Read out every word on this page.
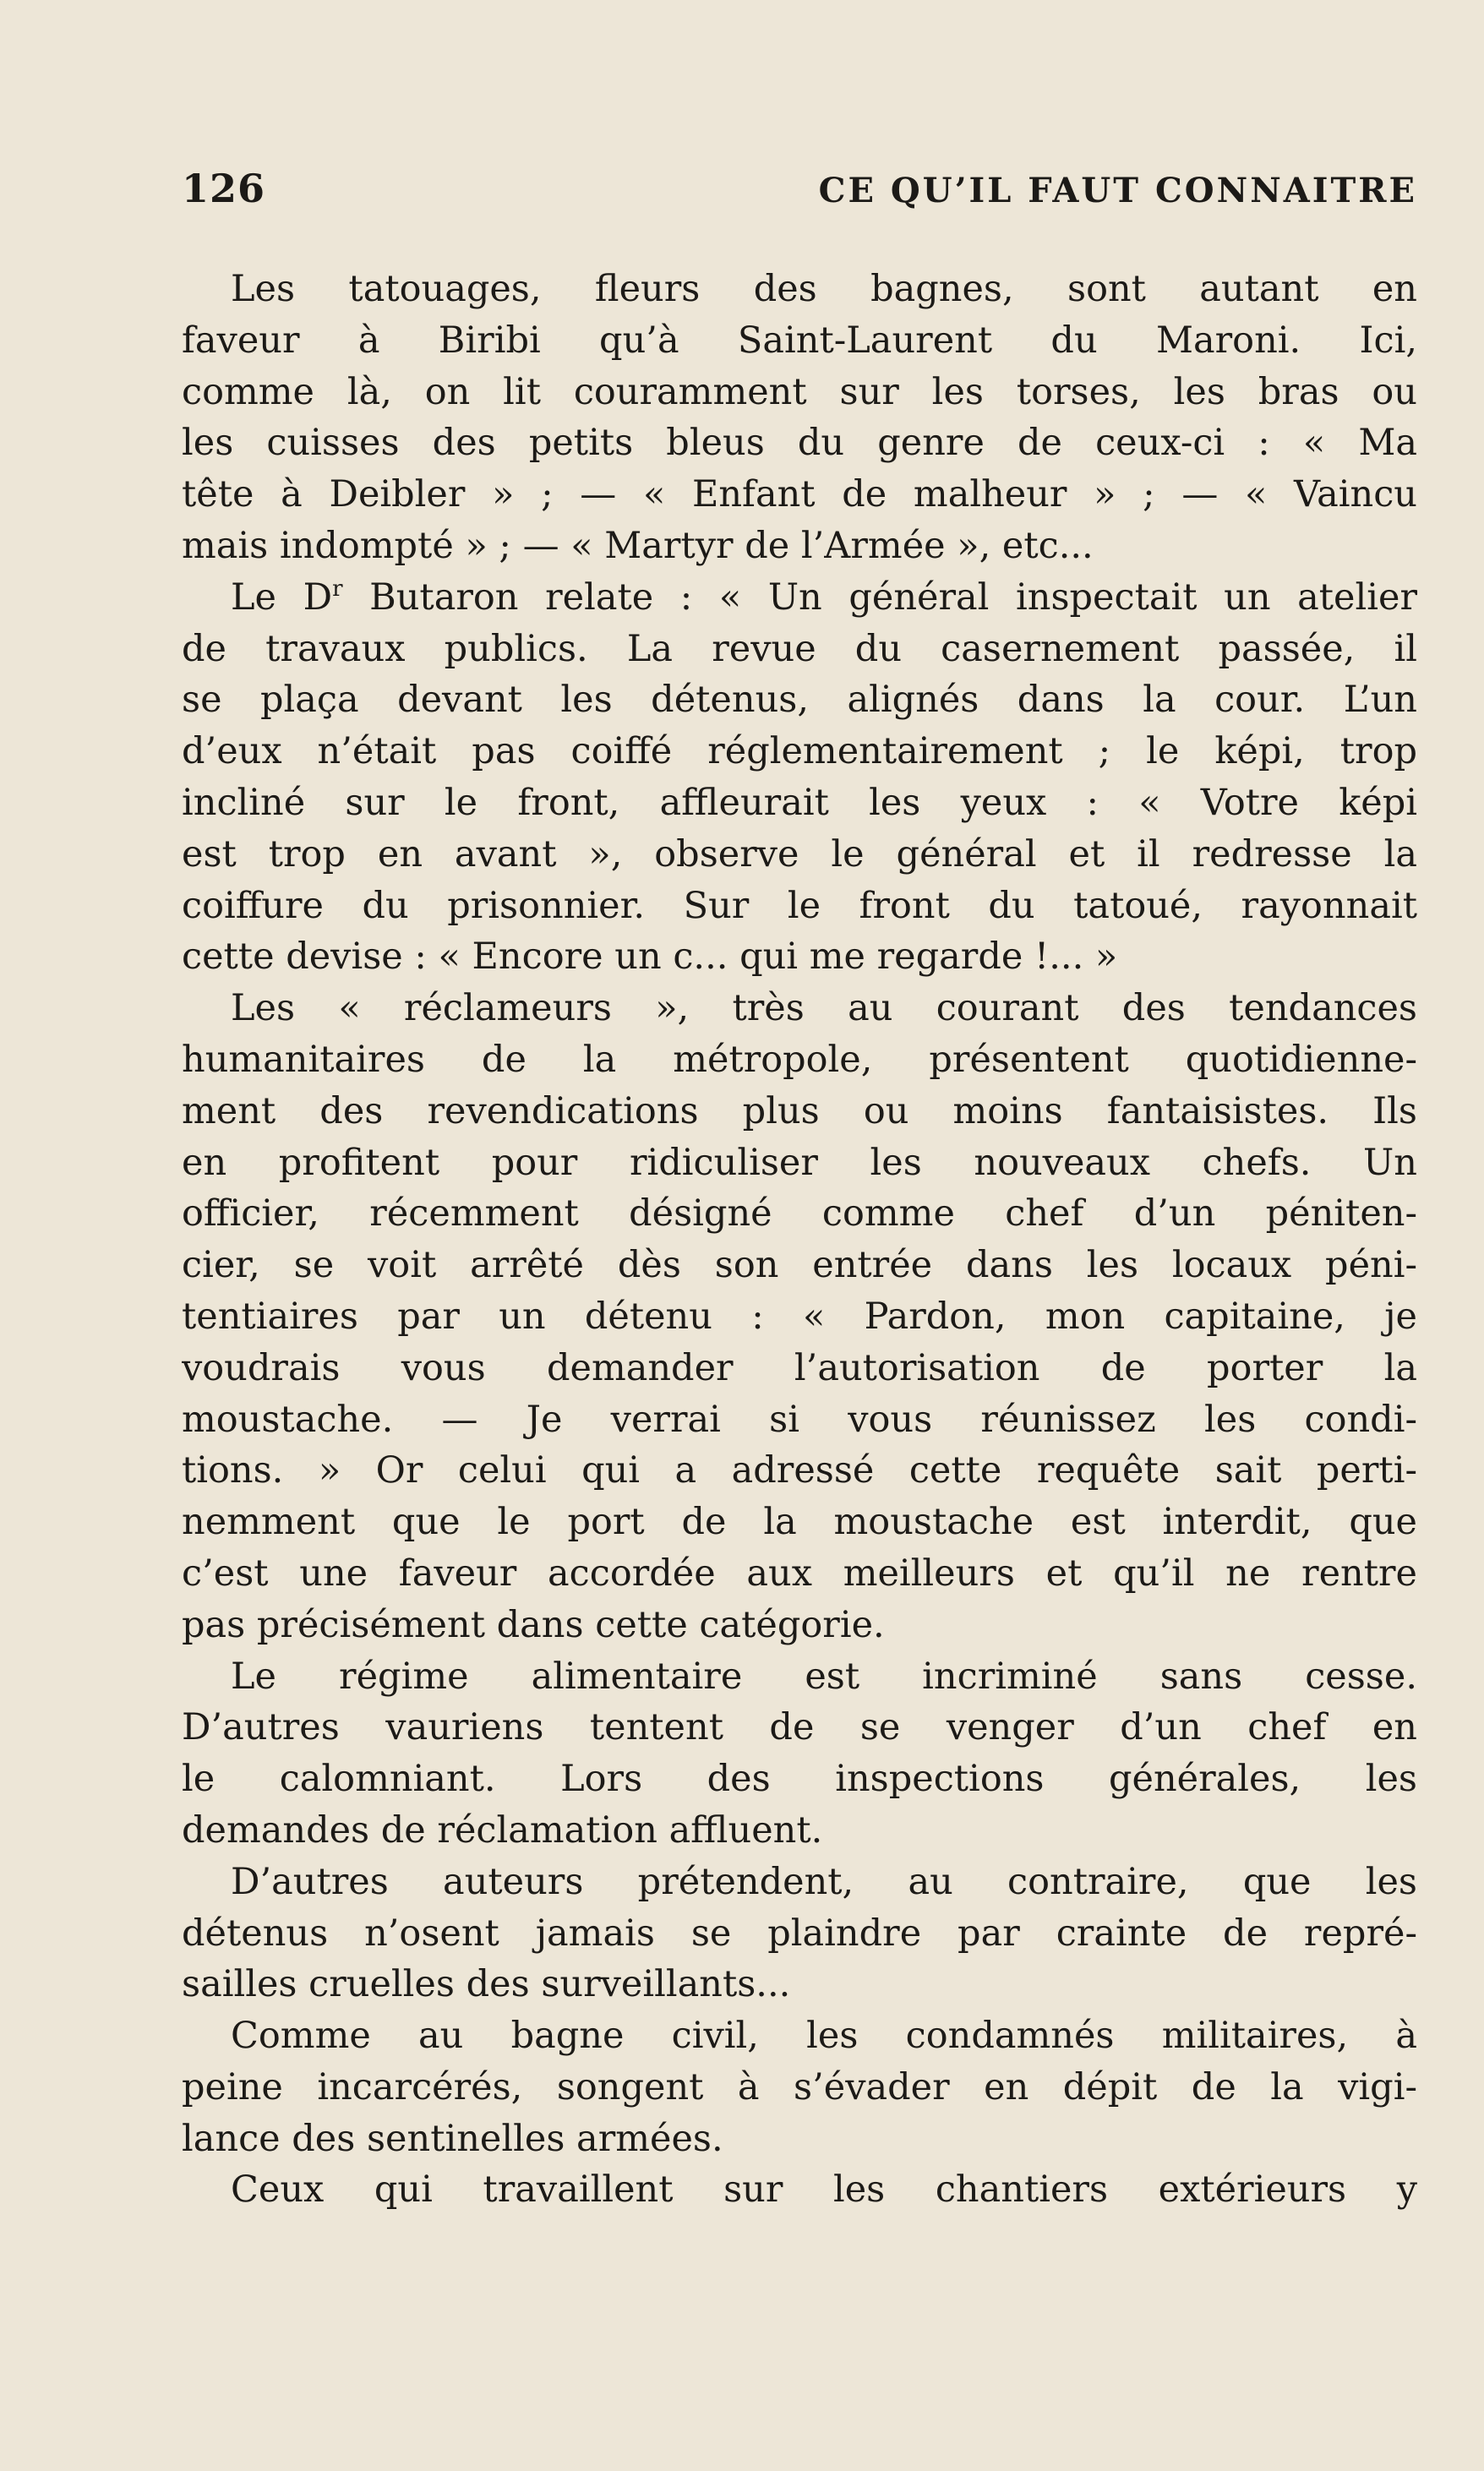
126	CE QU’IL FAUT CONNAITRE
Les tatouages, fleurs des bagnes, sont autant en
faveur à Biribi qu’à Saint-Laurent du Maroni. Ici,
comme là, on lit couramment sur les torses, les bras ou
les cuisses des petits bleus du genre de ceux-ci : « Ma
tête à Deibler » ; — « Enfant de malheur » ; — « Vaincu
mais indompté » ; — « Martyr de l’Armée », etc...
Le $D^r$ Butaron relate : « Un général inspectait un atelier
de travaux publics. La revue du casernement passée, il
se plaça devant les détenus, alignés dans la cour. L’un
d’eux n’était pas coiffé réglementairement ; le képi, trop
incliné sur le front, affleurait les yeux : « Votre képi
est trop en avant », observe le général et il redresse la
coiffure du prisonnier. Sur le front du tatoué, rayonnait
cette devise : « Encore un c... qui me regarde !... »
Les « réclameurs », très au courant des tendances
humanitaires de la métropole, présentent quotidienne-
ment des revendications plus ou moins fantaisistes. Ils
en profitent pour ridiculiser les nouveaux chefs. Un
officier, récemment désigné comme chef d’un péniten-
cier, se voit arrêté dès son entrée dans les locaux péni-
tentiaires par un détenu : « Pardon, mon capitaine, je
voudrais vous demander l’autorisation de porter la
moustache. — Je verrai si vous réunissez les condi-
tions. » Or celui qui a adressé cette requête sait perti-
nemment que le port de la moustache est interdit, que
c’est une faveur accordée aux meilleurs et qu’il ne rentre
pas précisément dans cette catégorie.
Le régime alimentaire est incriminé sans cesse.
D’autres vauriens tentent de se venger d’un chef en
le calomniant. Lors des inspections générales, les
demandes de réclamation affluent.
D’autres auteurs prétendent, au contraire, que les
détenus n’osent jamais se plaindre par crainte de repré-
sailles cruelles des surveillants...
Comme au bagne civil, les condamnés militaires, à
peine incarcérés, songent à s’évader en dépit de la vigi-
lance des sentinelles armées.
Ceux qui travaillent sur les chantiers extérieurs y
